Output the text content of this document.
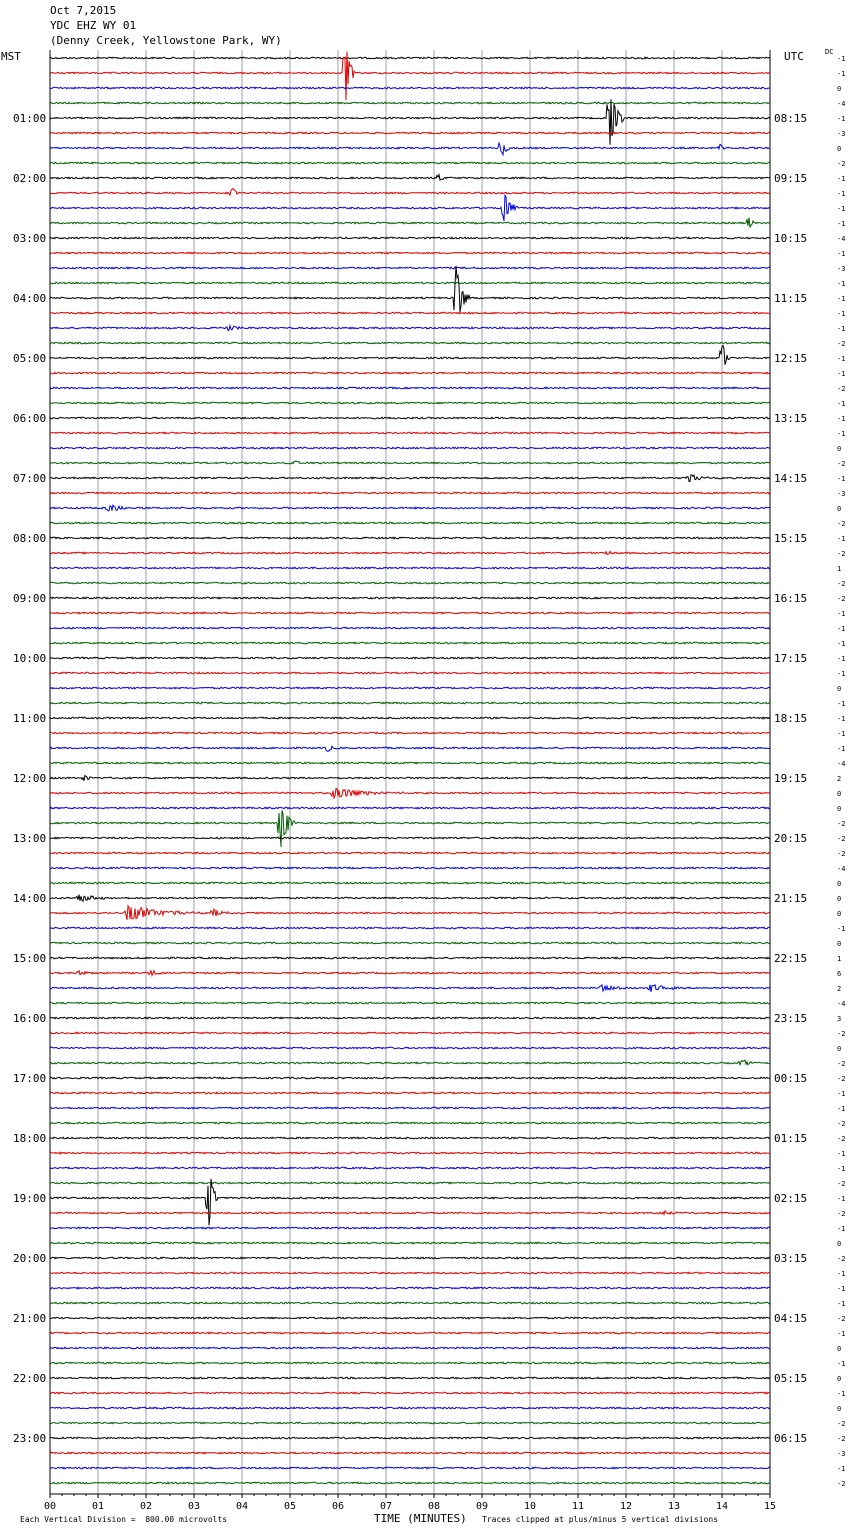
Oct 7,2015
YDC EHZ WY 01
(Denny Creek, Yellowstone Park, WY)
MST	UTC	DC
-1
-1
0
-4
-1
-3
0
-2
-1
-1
-1
-1
-4
-1
-3
-1
-1
-1
-1
-2
-1
-1
-2
-1
-1
-1
0
-2
-1
-3
0
-2
-1
-2
1
-2
-2
-1
-1
-1
-1
-1
0
-1
-1
-1
-1
-4
2
0
0
-2
-2
-2
-4
0
0
0
-1
0
1
6
2
-4
3
-2
0
-2
-2
-1
-1
-2
-2
-1
-1
-2
-1
-2
-1
0
-2
-1
-1
-1
-2
-1
0
-1
0
-1
0
-2
-2
-3
-1
-2
01:00
02:00
03:00
04:00
05:00
06:00
07:00
08:00
09:00
10:00
11:00
12:00
13:00
14:00
15:00
16:00
17:00
18:00
19:00
20:00
21:00
22:00
23:00
08:15
09:15
10:15
11:15
12:15
13:15
14:15
15:15
16:15
17:15
18:15
19:15
20:15
21:15
22:15
23:15
00:15
01:15
02:15
03:15
04:15
05:15
06:15
00	01	02	03	04	05	06	07	08	09	10	11	12	13	14	15
Each Vertical Division =  800.00 microvolts	TIME (MINUTES) Traces clipped at plus/minus 5 vertical divisions
